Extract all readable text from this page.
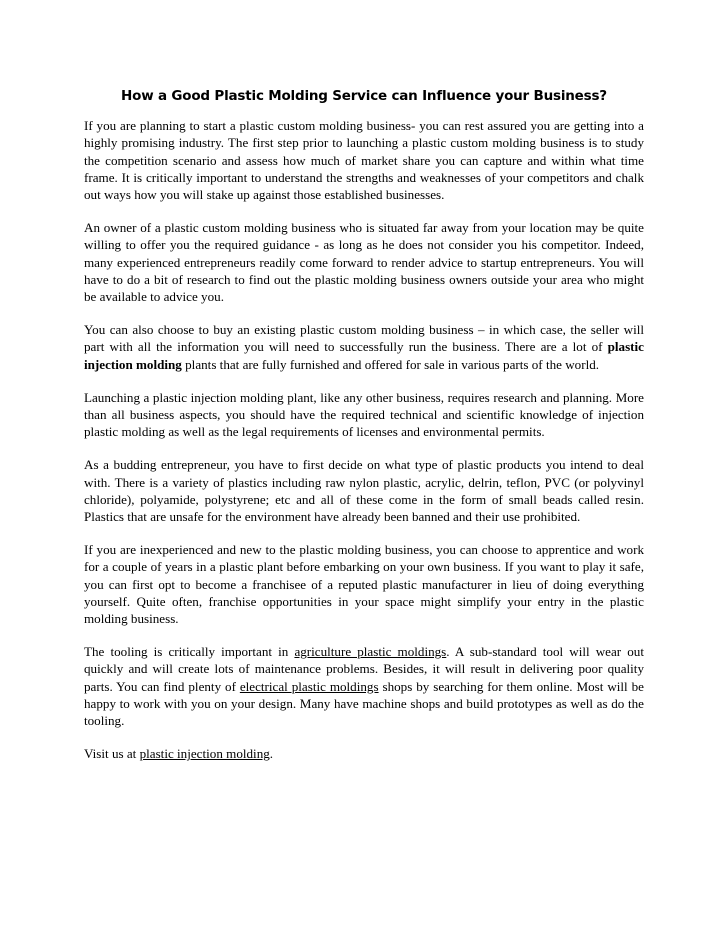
How a Good Plastic Molding Service can Influence your Business?

If you are planning to start a plastic custom molding business- you can rest assured you are getting into a highly promising industry. The first step prior to launching a plastic custom molding business is to study the competition scenario and assess how much of market share you can capture and within what time frame. It is critically important to understand the strengths and weaknesses of your competitors and chalk out ways how you will stake up against those established businesses.

An owner of a plastic custom molding business who is situated far away from your location may be quite willing to offer you the required guidance - as long as he does not consider you his competitor. Indeed, many experienced entrepreneurs readily come forward to render advice to startup entrepreneurs. You will have to do a bit of research to find out the plastic molding business owners outside your area who might be available to advice you.

You can also choose to buy an existing plastic custom molding business – in which case, the seller will part with all the information you will need to successfully run the business. There are a lot of plastic injection molding plants that are fully furnished and offered for sale in various parts of the world.

Launching a plastic injection molding plant, like any other business, requires research and planning. More than all business aspects, you should have the required technical and scientific knowledge of injection plastic molding as well as the legal requirements of licenses and environmental permits.

As a budding entrepreneur, you have to first decide on what type of plastic products you intend to deal with. There is a variety of plastics including raw nylon plastic, acrylic, delrin, teflon, PVC (or polyvinyl chloride), polyamide, polystyrene; etc and all of these come in the form of small beads called resin. Plastics that are unsafe for the environment have already been banned and their use prohibited.

If you are inexperienced and new to the plastic molding business, you can choose to apprentice and work for a couple of years in a plastic plant before embarking on your own business. If you want to play it safe, you can first opt to become a franchisee of a reputed plastic manufacturer in lieu of doing everything yourself. Quite often, franchise opportunities in your space might simplify your entry in the plastic molding business.

The tooling is critically important in agriculture plastic moldings. A sub-standard tool will wear out quickly and will create lots of maintenance problems. Besides, it will result in delivering poor quality parts. You can find plenty of electrical plastic moldings shops by searching for them online. Most will be happy to work with you on your design. Many have machine shops and build prototypes as well as do the tooling.

Visit us at plastic injection molding.
